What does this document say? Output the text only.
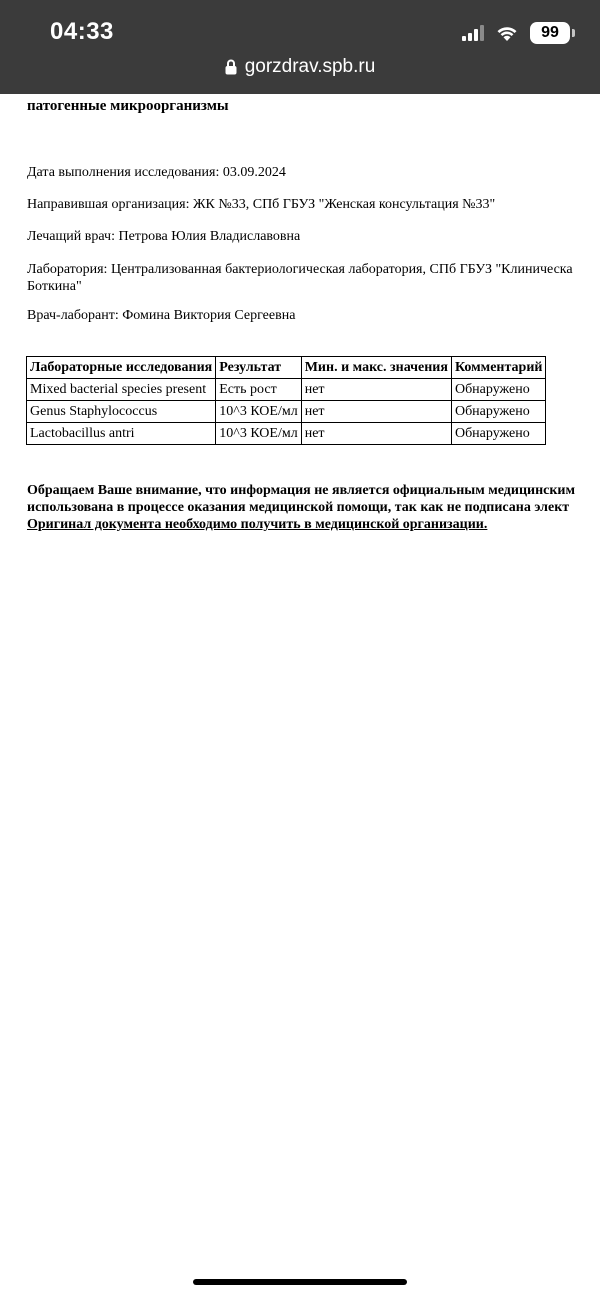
04:33	99
gorzdrav.spb.ru
патогенные микроорганизмы
Дата выполнения исследования: 03.09.2024
Направившая организация: ЖК №33, СПб ГБУЗ "Женская консультация №33"
Лечащий врач: Петрова Юлия Владиславовна
Лаборатория: Централизованная бактериологическая лаборатория, СПб ГБУЗ "Клиническа
Боткина"
Врач-лаборант: Фомина Виктория Сергеевна
Лабораторные исследования	Результат	Мин. и макс. значения	Комментарий
Mixed bacterial species present	Есть рост	нет	Обнаружено
Genus Staphylococcus	10^3 КОЕ/мл	нет	Обнаружено
Lactobacillus antri	10^3 КОЕ/мл	нет	Обнаружено
Обращаем Ваше внимание, что информация не является официальным медицинским
использована в процессе оказания медицинской помощи, так как не подписана элект
Оригинал документа необходимо получить в медицинской организации.
